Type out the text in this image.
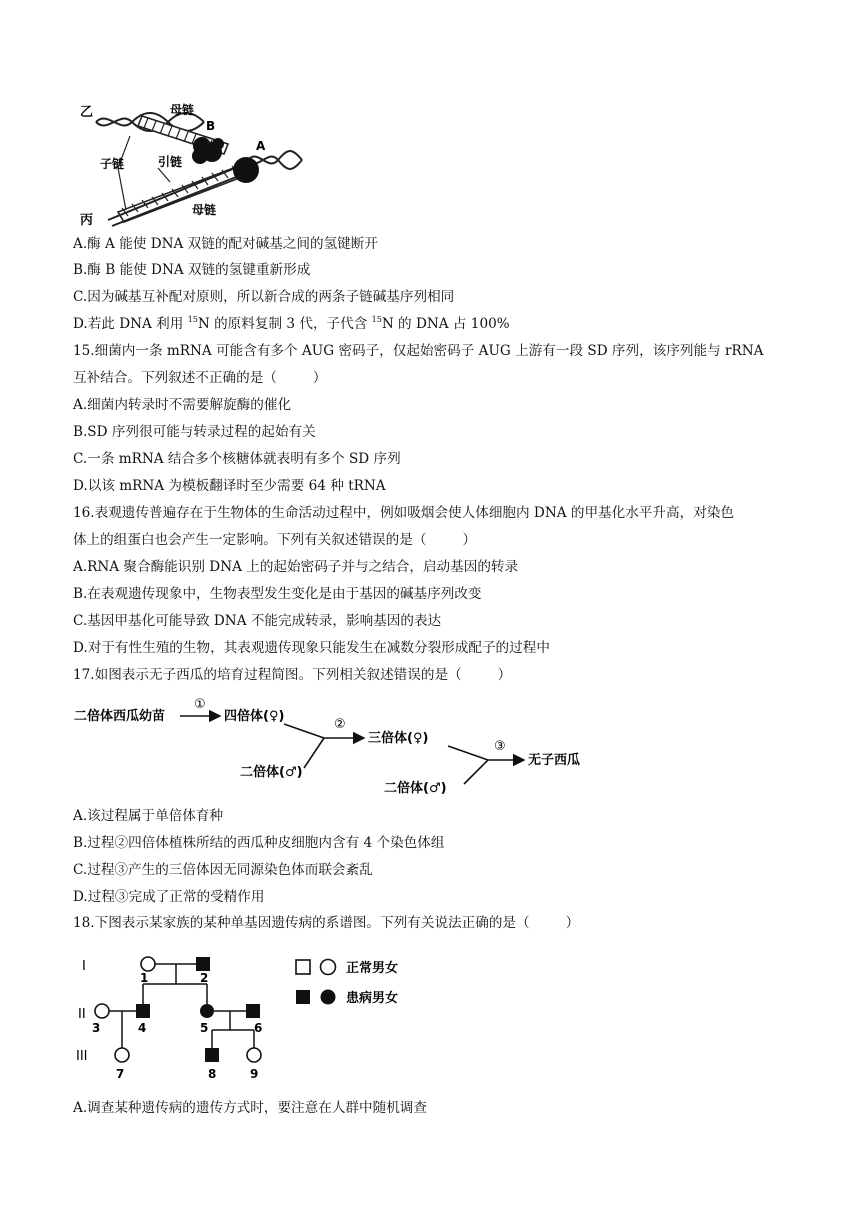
乙	母链
B
A
子链	引链
丙
母链
A.酶 A 能使 DNA 双链的配对碱基之间的氢键断开
B.酶 B 能使 DNA 双链的氢键重新形成
C.因为碱基互补配对原则，所以新合成的两条子链碱基序列相同
D.若此 DNA 利用 $^{15}$N 的原料复制 3 代，子代含 $^{15}$N 的 DNA 占 100%
15.细菌内一条 mRNA 可能含有多个 AUG 密码子，仅起始密码子 AUG 上游有一段 SD 序列，该序列能与 rRNA
互补结合。下列叙述不正确的是（	）
A.细菌内转录时不需要解旋酶的催化
B.SD 序列很可能与转录过程的起始有关
C.一条 mRNA 结合多个核糖体就表明有多个 SD 序列
D.以该 mRNA 为模板翻译时至少需要 64 种 tRNA
16.表观遗传普遍存在于生物体的生命活动过程中，例如吸烟会使人体细胞内 DNA 的甲基化水平升高，对染色
体上的组蛋白也会产生一定影响。下列有关叙述错误的是（	）
A.RNA 聚合酶能识别 DNA 上的起始密码子并与之结合，启动基因的转录
B.在表观遗传现象中，生物表型发生变化是由于基因的碱基序列改变
C.基因甲基化可能导致 DNA 不能完成转录，影响基因的表达
D.对于有性生殖的生物，其表观遗传现象只能发生在减数分裂形成配子的过程中
17.如图表示无子西瓜的培育过程简图。下列相关叙述错误的是（	）
二倍体西瓜幼苗
①
四倍体(♀)
②
二倍体(♂)
三倍体(♀)
③
二倍体(♂)
无子西瓜
A.该过程属于单倍体育种
B.过程②四倍体植株所结的西瓜种皮细胞内含有 4 个染色体组
C.过程③产生的三倍体因无同源染色体而联会紊乱
D.过程③完成了正常的受精作用
18.下图表示某家族的某种单基因遗传病的系谱图。下列有关说法正确的是（	）
I
II
III
1	2
3	4	5	6
7	8	9
正常男女
患病男女
A.调查某种遗传病的遗传方式时，要注意在人群中随机调查
